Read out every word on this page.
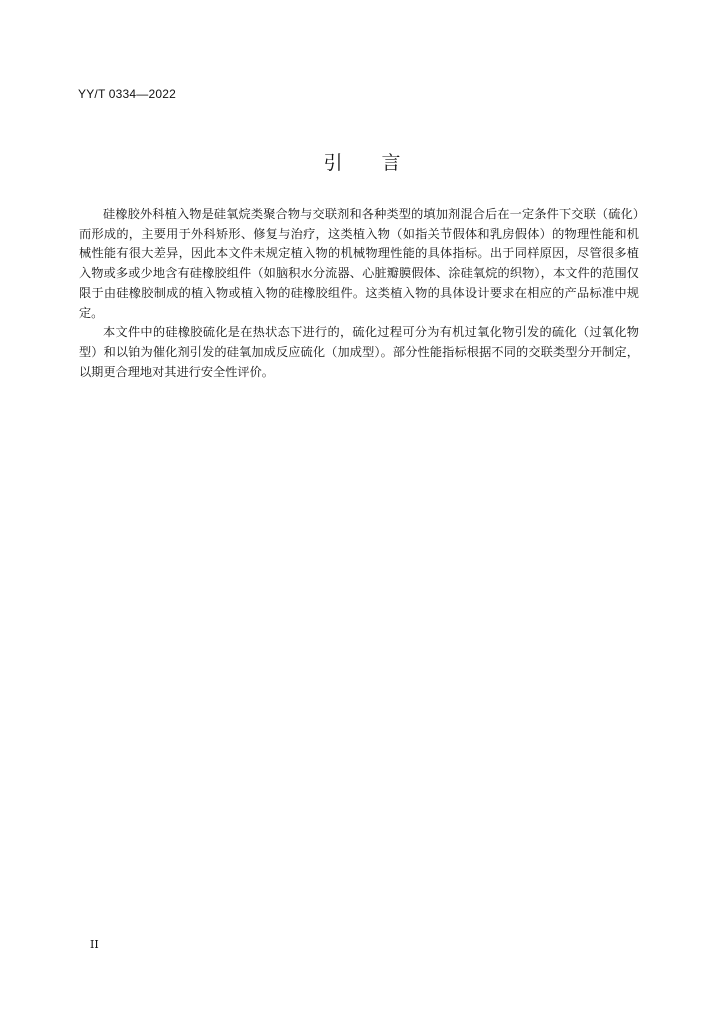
YY/T 0334—2022
引 言

硅橡胶外科植入物是硅氧烷类聚合物与交联剂和各种类型的填加剂混合后在一定条件下交联（硫化）而形成的，主要用于外科矫形、修复与治疗，这类植入物（如指关节假体和乳房假体）的物理性能和机械性能有很大差异，因此本文件未规定植入物的机械物理性能的具体指标。出于同样原因，尽管很多植入物或多或少地含有硅橡胶组件（如脑积水分流器、心脏瓣膜假体、涂硅氧烷的织物），本文件的范围仅限于由硅橡胶制成的植入物或植入物的硅橡胶组件。这类植入物的具体设计要求在相应的产品标准中规定。

本文件中的硅橡胶硫化是在热状态下进行的，硫化过程可分为有机过氧化物引发的硫化（过氧化物型）和以铂为催化剂引发的硅氧加成反应硫化（加成型）。部分性能指标根据不同的交联类型分开制定，以期更合理地对其进行安全性评价。

II
